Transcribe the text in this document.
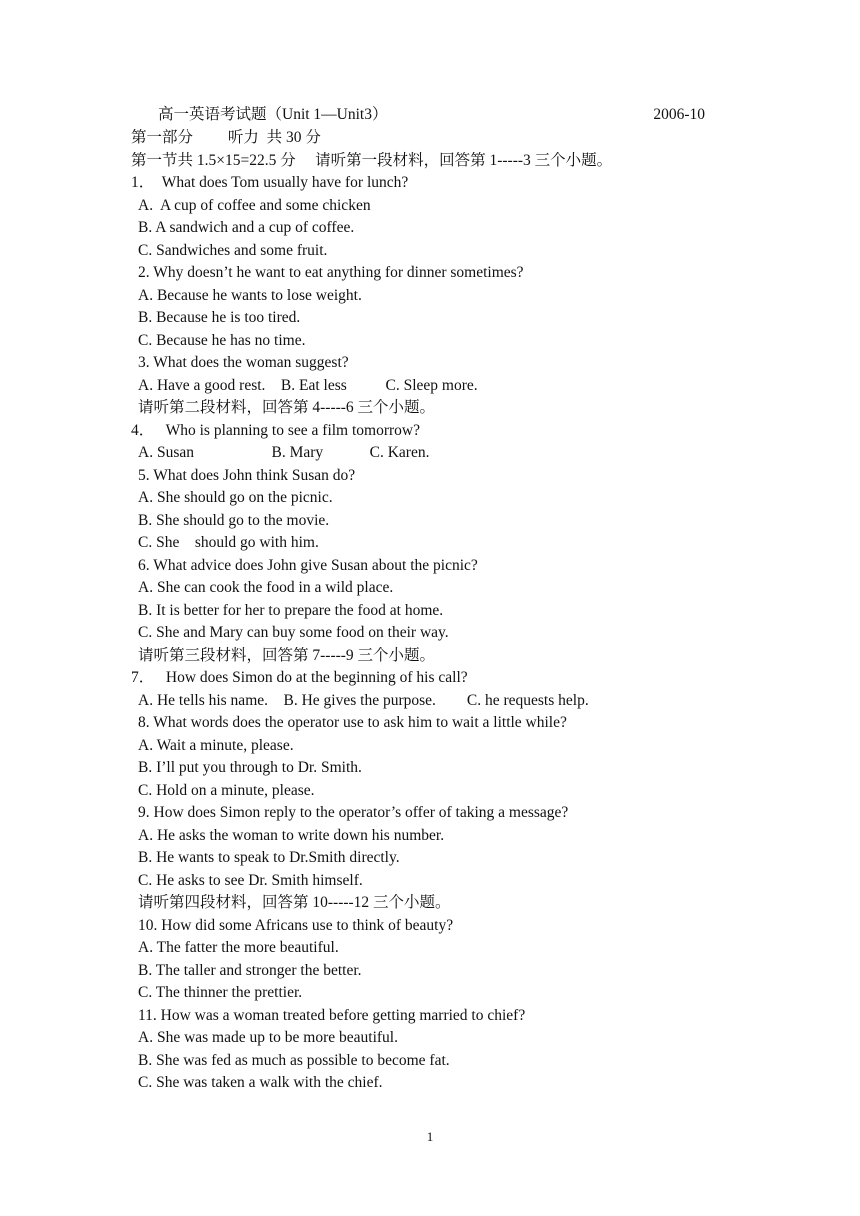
高一英语考试题（Unit 1—Unit3）	2006-10
第一部分         听力  共 30 分
第一节共 1.5×15=22.5 分     请听第一段材料，回答第 1-----3 三个小题。
1．  What does Tom usually have for lunch?
A.  A cup of coffee and some chicken
B. A sandwich and a cup of coffee.
C. Sandwiches and some fruit.
2. Why doesn’t he want to eat anything for dinner sometimes?
A. Because he wants to lose weight.
B. Because he is too tired.
C. Because he has no time.
3. What does the woman suggest?
A. Have a good rest.    B. Eat less          C. Sleep more.
请听第二段材料，回答第 4-----6 三个小题。
4．   Who is planning to see a film tomorrow?
A. Susan                    B. Mary            C. Karen.
5. What does John think Susan do?
A. She should go on the picnic.
B. She should go to the movie.
C. She    should go with him.
6. What advice does John give Susan about the picnic?
A. She can cook the food in a wild place.
B. It is better for her to prepare the food at home.
C. She and Mary can buy some food on their way.
请听第三段材料，回答第 7-----9 三个小题。
7．   How does Simon do at the beginning of his call?
A. He tells his name.    B. He gives the purpose.        C. he requests help.
8. What words does the operator use to ask him to wait a little while?
A. Wait a minute, please.
B. I’ll put you through to Dr. Smith.
C. Hold on a minute, please.
9. How does Simon reply to the operator’s offer of taking a message?
A. He asks the woman to write down his number.
B. He wants to speak to Dr.Smith directly.
C. He asks to see Dr. Smith himself.
请听第四段材料，回答第 10-----12 三个小题。
10. How did some Africans use to think of beauty?
A. The fatter the more beautiful.
B. The taller and stronger the better.
C. The thinner the prettier.
11. How was a woman treated before getting married to chief?
A. She was made up to be more beautiful.
B. She was fed as much as possible to become fat.
C. She was taken a walk with the chief.
1
